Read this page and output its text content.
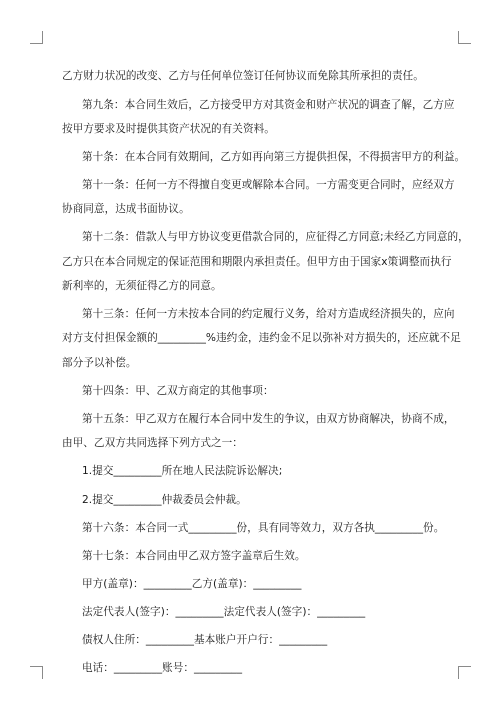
乙方财力状况的改变、乙方与任何单位签订任何协议而免除其所承担的责任。
第九条：本合同生效后，乙方接受甲方对其资金和财产状况的调查了解，乙方应
按甲方要求及时提供其资产状况的有关资料。
第十条：在本合同有效期间，乙方如再向第三方提供担保，不得损害甲方的利益。
第十一条：任何一方不得擅自变更或解除本合同。一方需变更合同时，应经双方
协商同意，达成书面协议。
第十二条：借款人与甲方协议变更借款合同的，应征得乙方同意;未经乙方同意的，
乙方只在本合同规定的保证范围和期限内承担责任。但甲方由于国家x策调整而执行
新利率的，无须征得乙方的同意。
第十三条：任何一方未按本合同的约定履行义务，给对方造成经济损失的，应向
对方支付担保金额的_________%违约金，违约金不足以弥补对方损失的，还应就不足
部分予以补偿。
第十四条：甲、乙双方商定的其他事项：
第十五条：甲乙双方在履行本合同中发生的争议，由双方协商解决，协商不成，
由甲、乙双方共同选择下列方式之一：
1.提交_________所在地人民法院诉讼解决;
2.提交_________仲裁委员会仲裁。
第十六条：本合同一式_________份，具有同等效力，双方各执_________份。
第十七条：本合同由甲乙双方签字盖章后生效。
甲方(盖章)：_________乙方(盖章)：_________
法定代表人(签字)：_________法定代表人(签字)：_________
债权人住所：_________基本账户开户行：_________
电话：_________账号：_________
